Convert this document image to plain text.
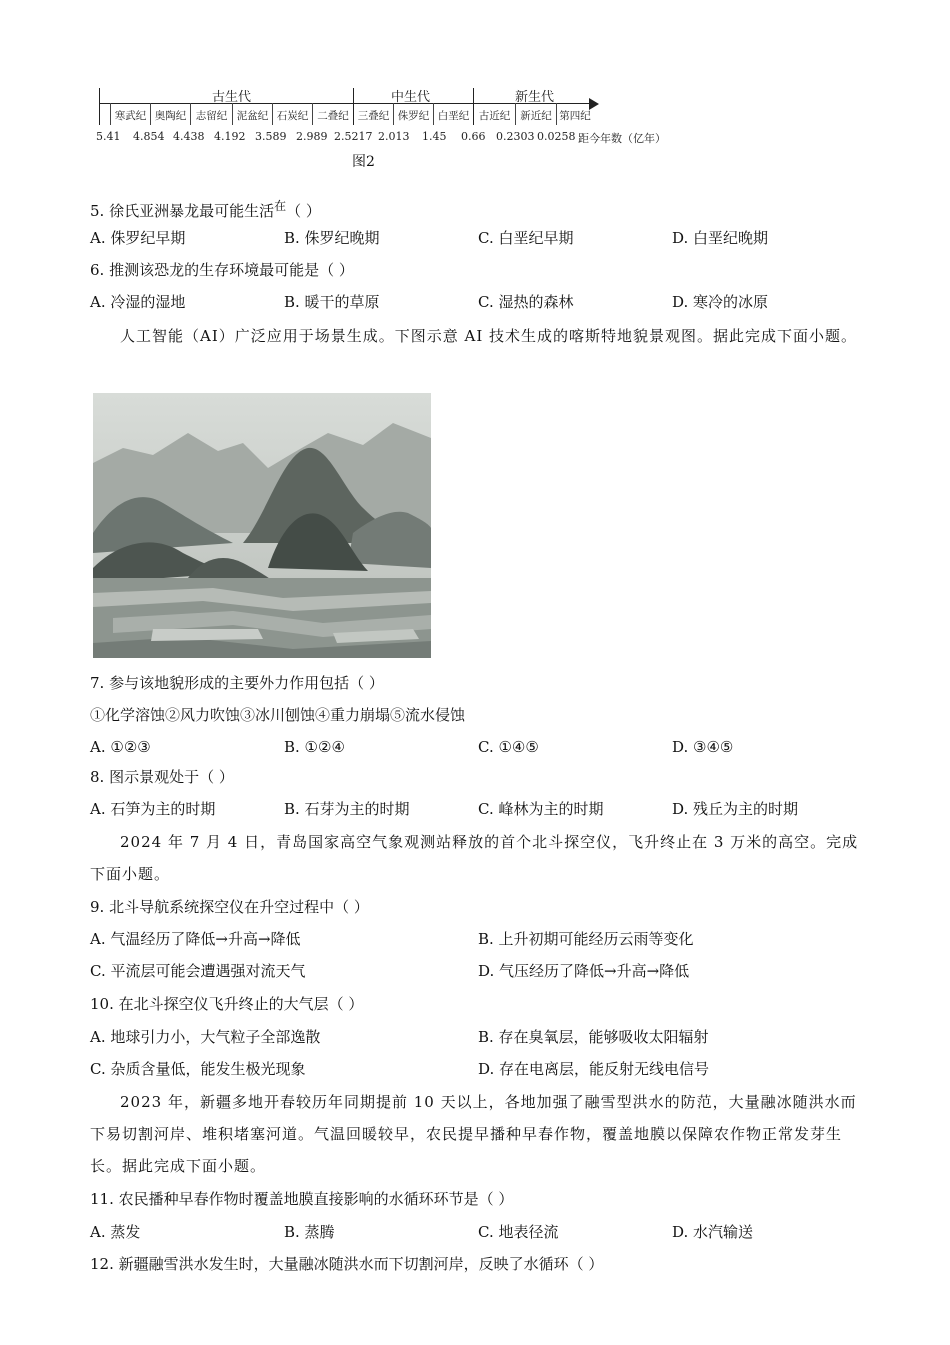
古生代	中生代	新生代
寒武纪 奥陶纪 志留纪 泥盆纪 石炭纪 二叠纪 三叠纪 侏罗纪 白垩纪 古近纪 新近纪 第四纪
5.41 4.854 4.438 4.192 3.589 2.989 2.5217 2.013 1.45 0.66 0.2303 0.0258 距今年数（亿年）
图2
5. 徐氏亚洲暴龙最可能生活$^在$（ ）
A. 侏罗纪早期	B. 侏罗纪晚期	C. 白垩纪早期	D. 白垩纪晚期
6. 推测该恐龙的生存环境最可能是（ ）
A. 冷湿的湿地	B. 暖干的草原	C. 湿热的森林	D. 寒冷的冰原
人工智能（AI）广泛应用于场景生成。下图示意 AI 技术生成的喀斯特地貌景观图。据此完成下面小题。
7. 参与该地貌形成的主要外力作用包括（ ）
①化学溶蚀②风力吹蚀③冰川刨蚀④重力崩塌⑤流水侵蚀
A. ①②③	B. ①②④	C. ①④⑤	D. ③④⑤
8. 图示景观处于（ ）
A. 石笋为主的时期	B. 石芽为主的时期	C. 峰林为主的时期	D. 残丘为主的时期
2024 年 7 月 4 日，青岛国家高空气象观测站释放的首个北斗探空仪，飞升终止在 3 万米的高空。完成下面小题。
9. 北斗导航系统探空仪在升空过程中（ ）
A. 气温经历了降低→升高→降低	B. 上升初期可能经历云雨等变化
C. 平流层可能会遭遇强对流天气	D. 气压经历了降低→升高→降低
10. 在北斗探空仪飞升终止的大气层（ ）
A. 地球引力小，大气粒子全部逸散	B. 存在臭氧层，能够吸收太阳辐射
C. 杂质含量低，能发生极光现象	D. 存在电离层，能反射无线电信号
2023 年，新疆多地开春较历年同期提前 10 天以上，各地加强了融雪型洪水的防范，大量融冰随洪水而下易切割河岸、堆积堵塞河道。气温回暖较早，农民提早播种早春作物，覆盖地膜以保障农作物正常发芽生长。据此完成下面小题。
11. 农民播种早春作物时覆盖地膜直接影响的水循环环节是（ ）
A. 蒸发	B. 蒸腾	C. 地表径流	D. 水汽输送
12. 新疆融雪洪水发生时，大量融冰随洪水而下切割河岸，反映了水循环（ ）
